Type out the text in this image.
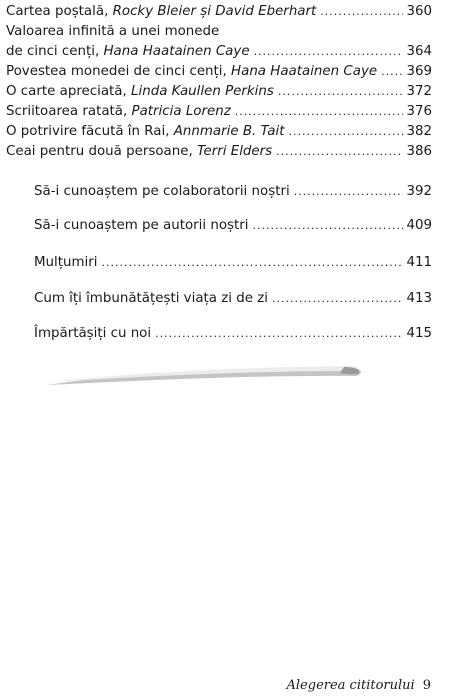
Cartea poștală, Rocky Bleier și David Eberhart .....	360
Valoarea infinită a unei monede
de cinci cenți, Hana Haatainen Caye .....	364
Povestea monedei de cinci cenți, Hana Haatainen Caye ..... 369
O carte apreciată, Linda Kaullen Perkins .....	372
Scriitoarea ratată, Patricia Lorenz .....	376
O potrivire făcută în Rai, Annmarie B. Tait .....	382
Ceai pentru două persoane, Terri Elders .....	386
Să-i cunoaștem pe colaboratorii noștri .....	392
Să-i cunoaștem pe autorii noștri .....	409
Mulțumiri .....	411
Cum îți îmbunătățești viața zi de zi .....	413
Împărtășiți cu noi .....	415
Alegerea cititorului 9
